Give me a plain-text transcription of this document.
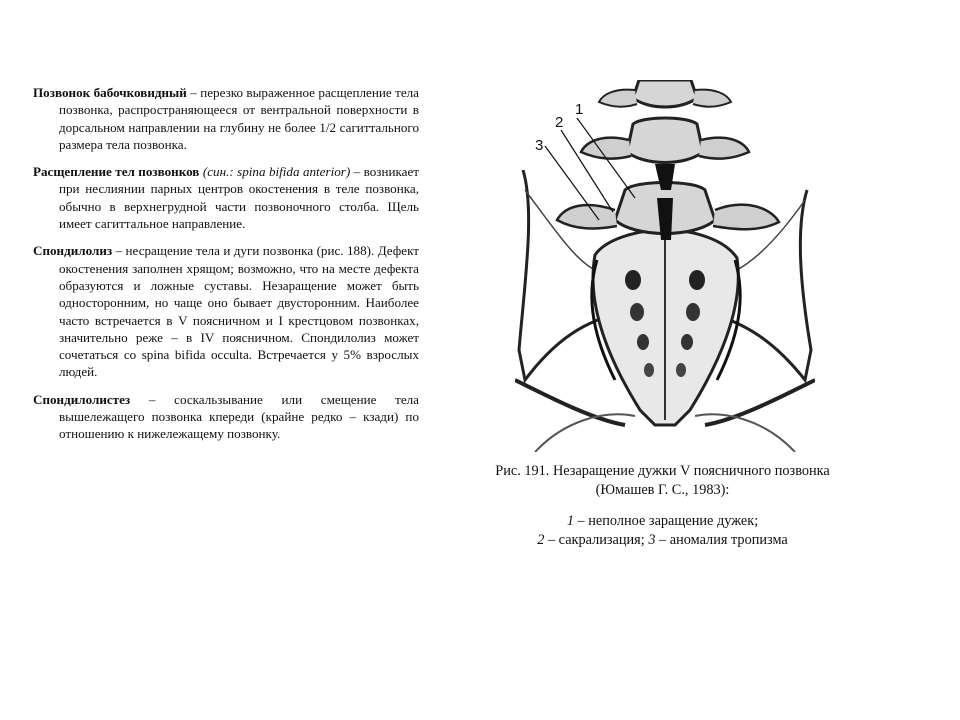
Позвонок бабочковидный – перезко выраженное расщепление тела позвонка, распространяющееся от вентральной поверхности в дорсальном направлении на глубину не более 1/2 сагиттального размера тела позвонка.

Расщепление тел позвонков (син.: spina bifida anterior) – возникает при неслиянии парных центров окостенения в теле позвонка, обычно в верхнегрудной части позвоночного столба. Щель имеет сагиттальное направление.

Спондилолиз – несращение тела и дуги позвонка (рис. 188). Дефект окостенения заполнен хрящом; возможно, что на месте дефекта образуются и ложные суставы. Незаращение может быть односторонним, но чаще оно бывает двусторонним. Наиболее часто встречается в V поясничном и I крестцовом позвонках, значительно реже – в IV поясничном. Спондилолиз может сочетаться со spina bifida occulta. Встречается у 5% взрослых людей.

Спондилолистез – соскальзывание или смещение тела вышележащего позвонка кпереди (крайне редко – кзади) по отношению к нижележащему позвонку.

1
2
3
Рис. 191. Незаращение дужки V поясничного позвонка (Юмашев Г. С., 1983):

1 – неполное заращение дужек;
2 – сакрализация; 3 – аномалия тропизма
